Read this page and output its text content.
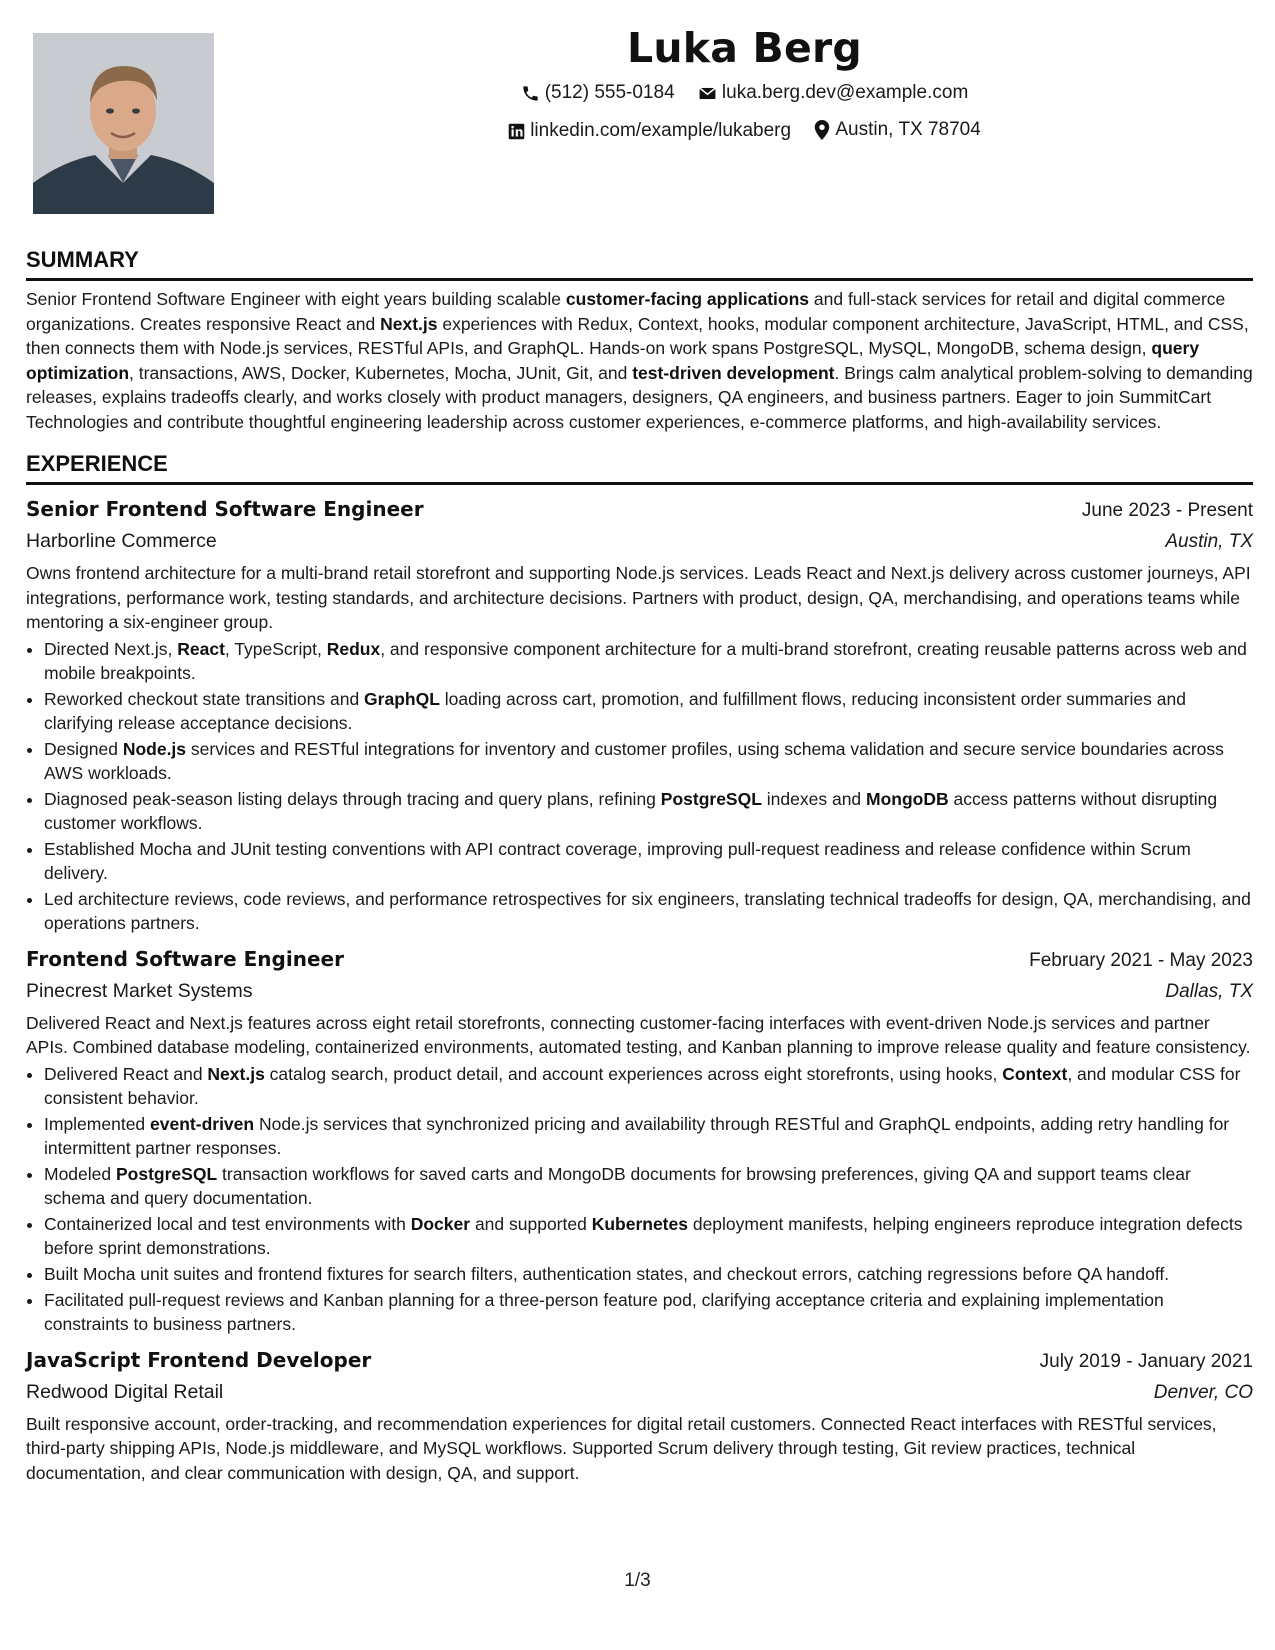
Luka Berg
(512) 555-0184
luka.berg.dev@example.com
linkedin.com/example/lukaberg
Austin, TX 78704
SUMMARY

Senior Frontend Software Engineer with eight years building scalable customer-facing applications and full-stack services for retail and digital commerce organizations. Creates responsive React and Next.js experiences with Redux, Context, hooks, modular component architecture, JavaScript, HTML, and CSS, then connects them with Node.js services, RESTful APIs, and GraphQL. Hands-on work spans PostgreSQL, MySQL, MongoDB, schema design, query optimization, transactions, AWS, Docker, Kubernetes, Mocha, JUnit, Git, and test-driven development. Brings calm analytical problem-solving to demanding releases, explains tradeoffs clearly, and works closely with product managers, designers, QA engineers, and business partners. Eager to join SummitCart Technologies and contribute thoughtful engineering leadership across customer experiences, e-commerce platforms, and high-availability services.

EXPERIENCE
Senior Frontend Software Engineer	June 2023 - Present
Harborline Commerce	Austin, TX

Owns frontend architecture for a multi-brand retail storefront and supporting Node.js services. Leads React and Next.js delivery across customer journeys, API integrations, performance work, testing standards, and architecture decisions. Partners with product, design, QA, merchandising, and operations teams while mentoring a six-engineer group.

• Directed Next.js, React, TypeScript, Redux, and responsive component architecture for a multi-brand storefront, creating reusable patterns across web and mobile breakpoints.
• Reworked checkout state transitions and GraphQL loading across cart, promotion, and fulfillment flows, reducing inconsistent order summaries and clarifying release acceptance decisions.
• Designed Node.js services and RESTful integrations for inventory and customer profiles, using schema validation and secure service boundaries across AWS workloads.
• Diagnosed peak-season listing delays through tracing and query plans, refining PostgreSQL indexes and MongoDB access patterns without disrupting customer workflows.
• Established Mocha and JUnit testing conventions with API contract coverage, improving pull-request readiness and release confidence within Scrum delivery.
• Led architecture reviews, code reviews, and performance retrospectives for six engineers, translating technical tradeoffs for design, QA, merchandising, and operations partners.
Frontend Software Engineer	February 2021 - May 2023
Pinecrest Market Systems	Dallas, TX

Delivered React and Next.js features across eight retail storefronts, connecting customer-facing interfaces with event-driven Node.js services and partner APIs. Combined database modeling, containerized environments, automated testing, and Kanban planning to improve release quality and feature consistency.

• Delivered React and Next.js catalog search, product detail, and account experiences across eight storefronts, using hooks, Context, and modular CSS for consistent behavior.
• Implemented event-driven Node.js services that synchronized pricing and availability through RESTful and GraphQL endpoints, adding retry handling for intermittent partner responses.
• Modeled PostgreSQL transaction workflows for saved carts and MongoDB documents for browsing preferences, giving QA and support teams clear schema and query documentation.
• Containerized local and test environments with Docker and supported Kubernetes deployment manifests, helping engineers reproduce integration defects before sprint demonstrations.
• Built Mocha unit suites and frontend fixtures for search filters, authentication states, and checkout errors, catching regressions before QA handoff.
• Facilitated pull-request reviews and Kanban planning for a three-person feature pod, clarifying acceptance criteria and explaining implementation constraints to business partners.
JavaScript Frontend Developer	July 2019 - January 2021
Redwood Digital Retail	Denver, CO

Built responsive account, order-tracking, and recommendation experiences for digital retail customers. Connected React interfaces with RESTful services, third-party shipping APIs, Node.js middleware, and MySQL workflows. Supported Scrum delivery through testing, Git review practices, technical documentation, and clear communication with design, QA, and support.

1/3
